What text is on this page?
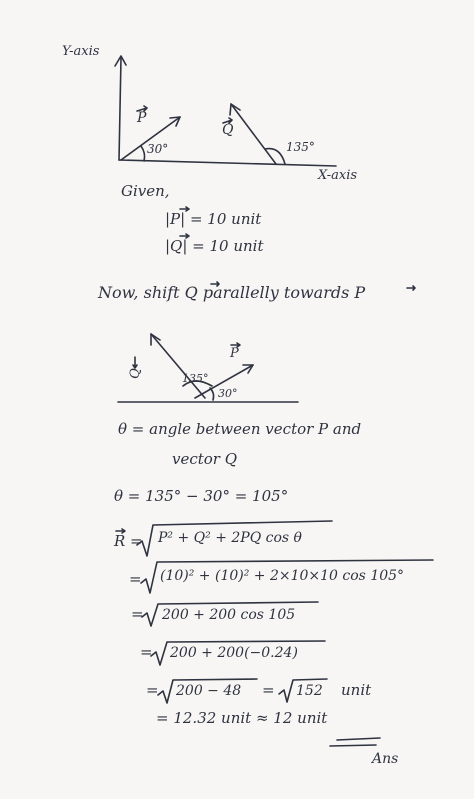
Y-axis
X-axis
P
Q
30°	135°
Given,
|P| = 10 unit
|Q| = 10 unit
Now, shift Q parallelly towards P
Q
P
135°
30°
θ = angle between vector P and
vector Q
θ = 135° − 30° = 105°
R = P² + Q² + 2PQ cos θ
= (10)² + (10)² + 2×10×10 cos 105°
= 200 + 200 cos 105
= 200 + 200(−0.24)
= 200 − 48 = 152 unit
= 12.32 unit ≈ 12 unit
Ans
